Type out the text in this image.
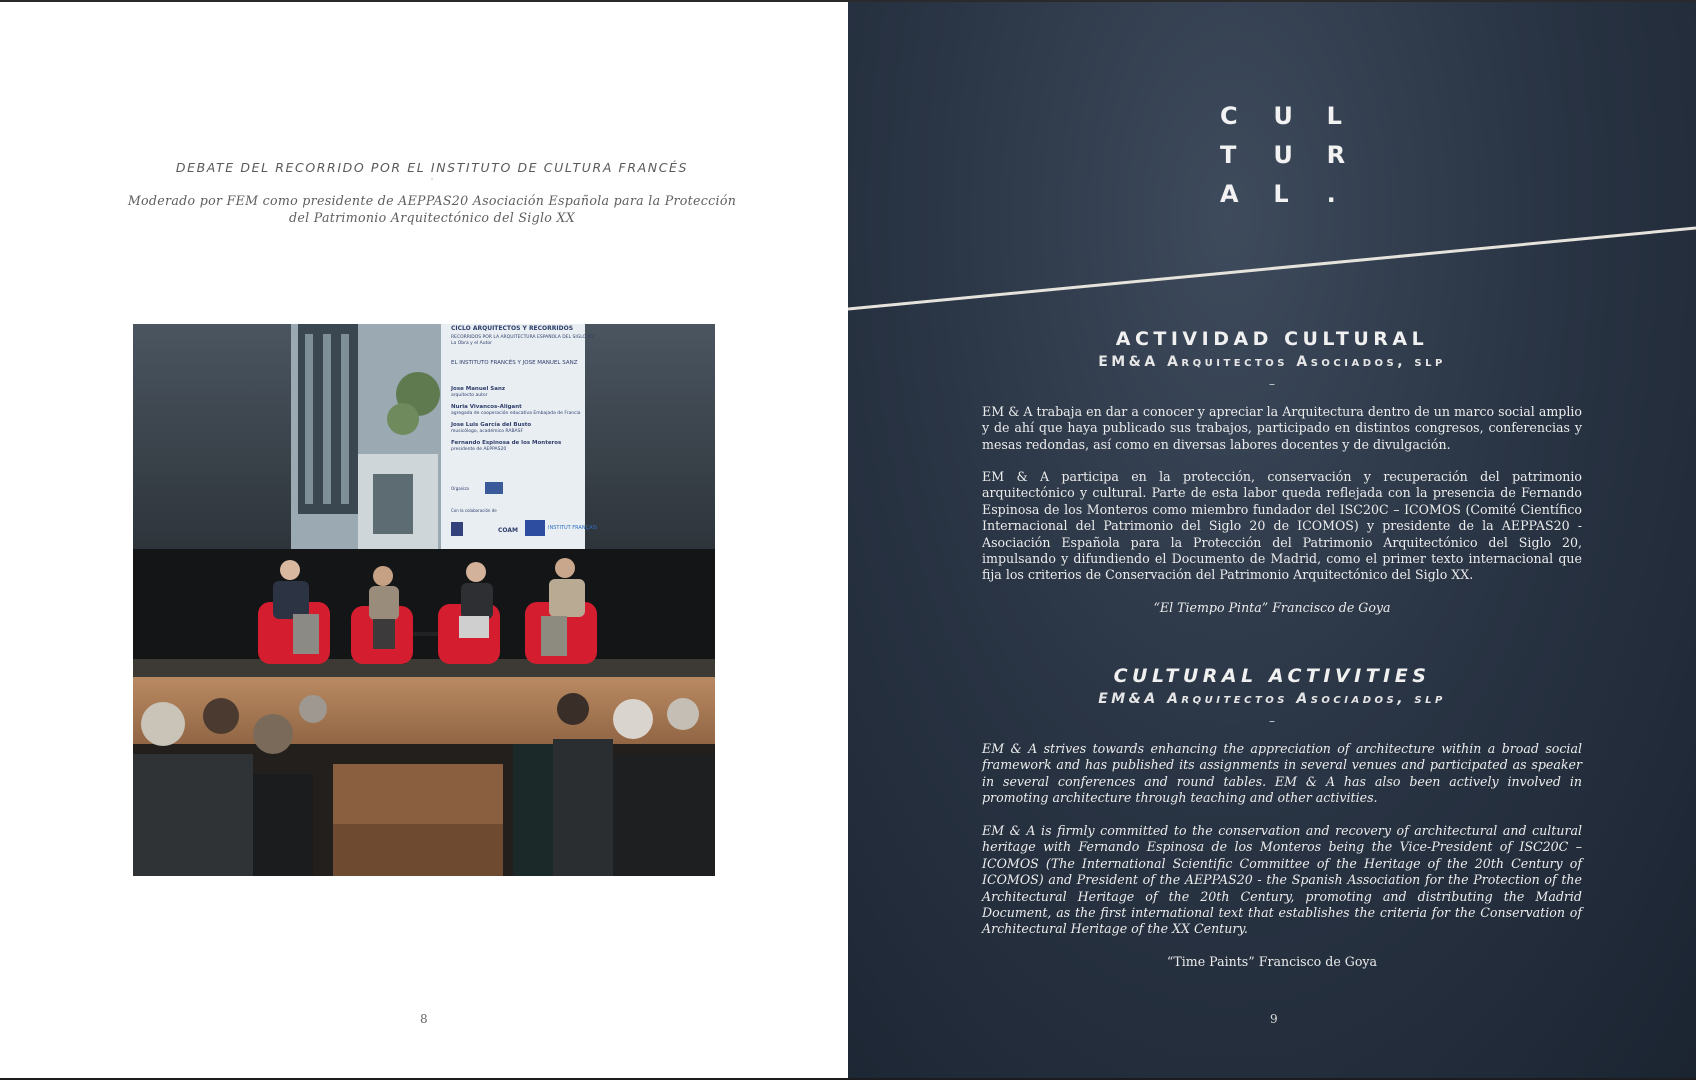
DEBATE DEL RECORRIDO POR EL INSTITUTO DE CULTURA FRANCÉS
·
Moderado por FEM como presidente de AEPPAS20 Asociación Española para la Protección del Patrimonio Arquitectónico del Siglo XX
CICLO ARQUITECTOS Y RECORRIDOS
RECORRIDOS POR LA ARQUITECTURA ESPAÑOLA DEL SIGLO XX
La Obra y el Autor
EL INSTITUTO FRANCÉS Y JOSE MANUEL SANZ
Jose Manuel Sanz
arquitecto autor
Nuria Vivancos-Aligant
agregada de cooperación educativa Embajada de Francia
Jose Luis García del Busto
musicólogo, académico RABASF
Fernando Espinosa de los Monteros
presidente de AEPPAS20
Organiza
Con la colaboración de
COAM	INSTITUT FRANÇAIS
8
C	U	L
T	U	R
A	L	.
ACTIVIDAD CULTURAL
EM&A Arquitectos Asociados, slp
–
EM & A trabaja en dar a conocer y apreciar la Arquitectura dentro de un marco social amplio y de ahí que haya publicado sus trabajos, participado en distintos congresos, conferencias y mesas redondas, así como en diversas labores docentes y de divulgación.
EM & A participa en la protección, conservación y recuperación del patrimonio arquitectónico y cultural. Parte de esta labor queda reflejada con la presencia de Fernando Espinosa de los Monteros como miembro fundador del ISC20C – ICOMOS (Comité Científico Internacional del Patrimonio del Siglo 20 de ICOMOS) y presidente de la AEPPAS20 - Asociación Española para la Protección del Patrimonio Arquitectónico del Siglo 20, impulsando y difundiendo el Documento de Madrid, como el primer texto internacional que fija los criterios de Conservación del Patrimonio Arquitectónico del Siglo XX.
“El Tiempo Pinta” Francisco de Goya
CULTURAL ACTIVITIES
EM&A Arquitectos Asociados, slp
–
EM & A strives towards enhancing the appreciation of architecture within a broad social framework and has published its assignments in several venues and participated as speaker in several conferences and round tables. EM & A has also been actively involved in promoting architecture through teaching and other activities.
EM & A is firmly committed to the conservation and recovery of architectural and cultural heritage with Fernando Espinosa de los Monteros being the Vice-President of ISC20C – ICOMOS (The International Scientific Committee of the Heritage of the 20th Century of ICOMOS) and President of the AEPPAS20 - the Spanish Association for the Protection of the Architectural Heritage of the 20th Century, promoting and distributing the Madrid Document, as the first international text that establishes the criteria for the Conservation of Architectural Heritage of the XX Century.
“Time Paints” Francisco de Goya
9
